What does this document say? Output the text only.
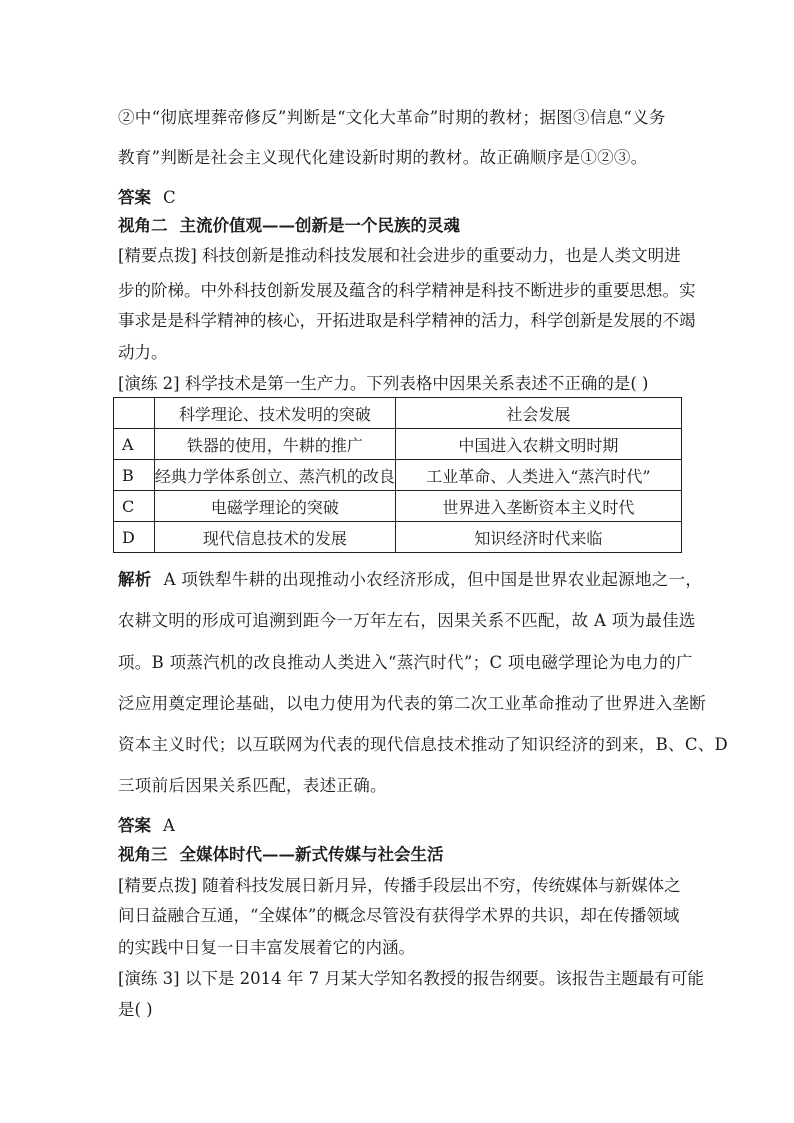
②中“彻底埋葬帝修反”判断是“文化大革命”时期的教材；据图③信息“义务
教育”判断是社会主义现代化建设新时期的教材。故正确顺序是①②③。
答案 C
视角二 主流价值观——创新是一个民族的灵魂
[精要点拨] 科技创新是推动科技发展和社会进步的重要动力，也是人类文明进
步的阶梯。中外科技创新发展及蕴含的科学精神是科技不断进步的重要思想。实
事求是是科学精神的核心，开拓进取是科学精神的活力，科学创新是发展的不竭
动力。
[演练 2] 科学技术是第一生产力。下列表格中因果关系表述不正确的是( )
	科学理论、技术发明的突破	社会发展
A	铁器的使用，牛耕的推广	中国进入农耕文明时期
B	经典力学体系创立、蒸汽机的改良	工业革命、人类进入“蒸汽时代”
C	电磁学理论的突破	世界进入垄断资本主义时代
D	现代信息技术的发展	知识经济时代来临
解析 A 项铁犁牛耕的出现推动小农经济形成，但中国是世界农业起源地之一，
农耕文明的形成可追溯到距今一万年左右，因果关系不匹配，故 A 项为最佳选
项。B 项蒸汽机的改良推动人类进入“蒸汽时代”；C 项电磁学理论为电力的广
泛应用奠定理论基础，以电力使用为代表的第二次工业革命推动了世界进入垄断
资本主义时代；以互联网为代表的现代信息技术推动了知识经济的到来，B、C、D
三项前后因果关系匹配，表述正确。
答案 A
视角三 全媒体时代——新式传媒与社会生活
[精要点拨] 随着科技发展日新月异，传播手段层出不穷，传统媒体与新媒体之
间日益融合互通，“全媒体”的概念尽管没有获得学术界的共识，却在传播领域
的实践中日复一日丰富发展着它的内涵。
[演练 3] 以下是 2014 年 7 月某大学知名教授的报告纲要。该报告主题最有可能
是( )
